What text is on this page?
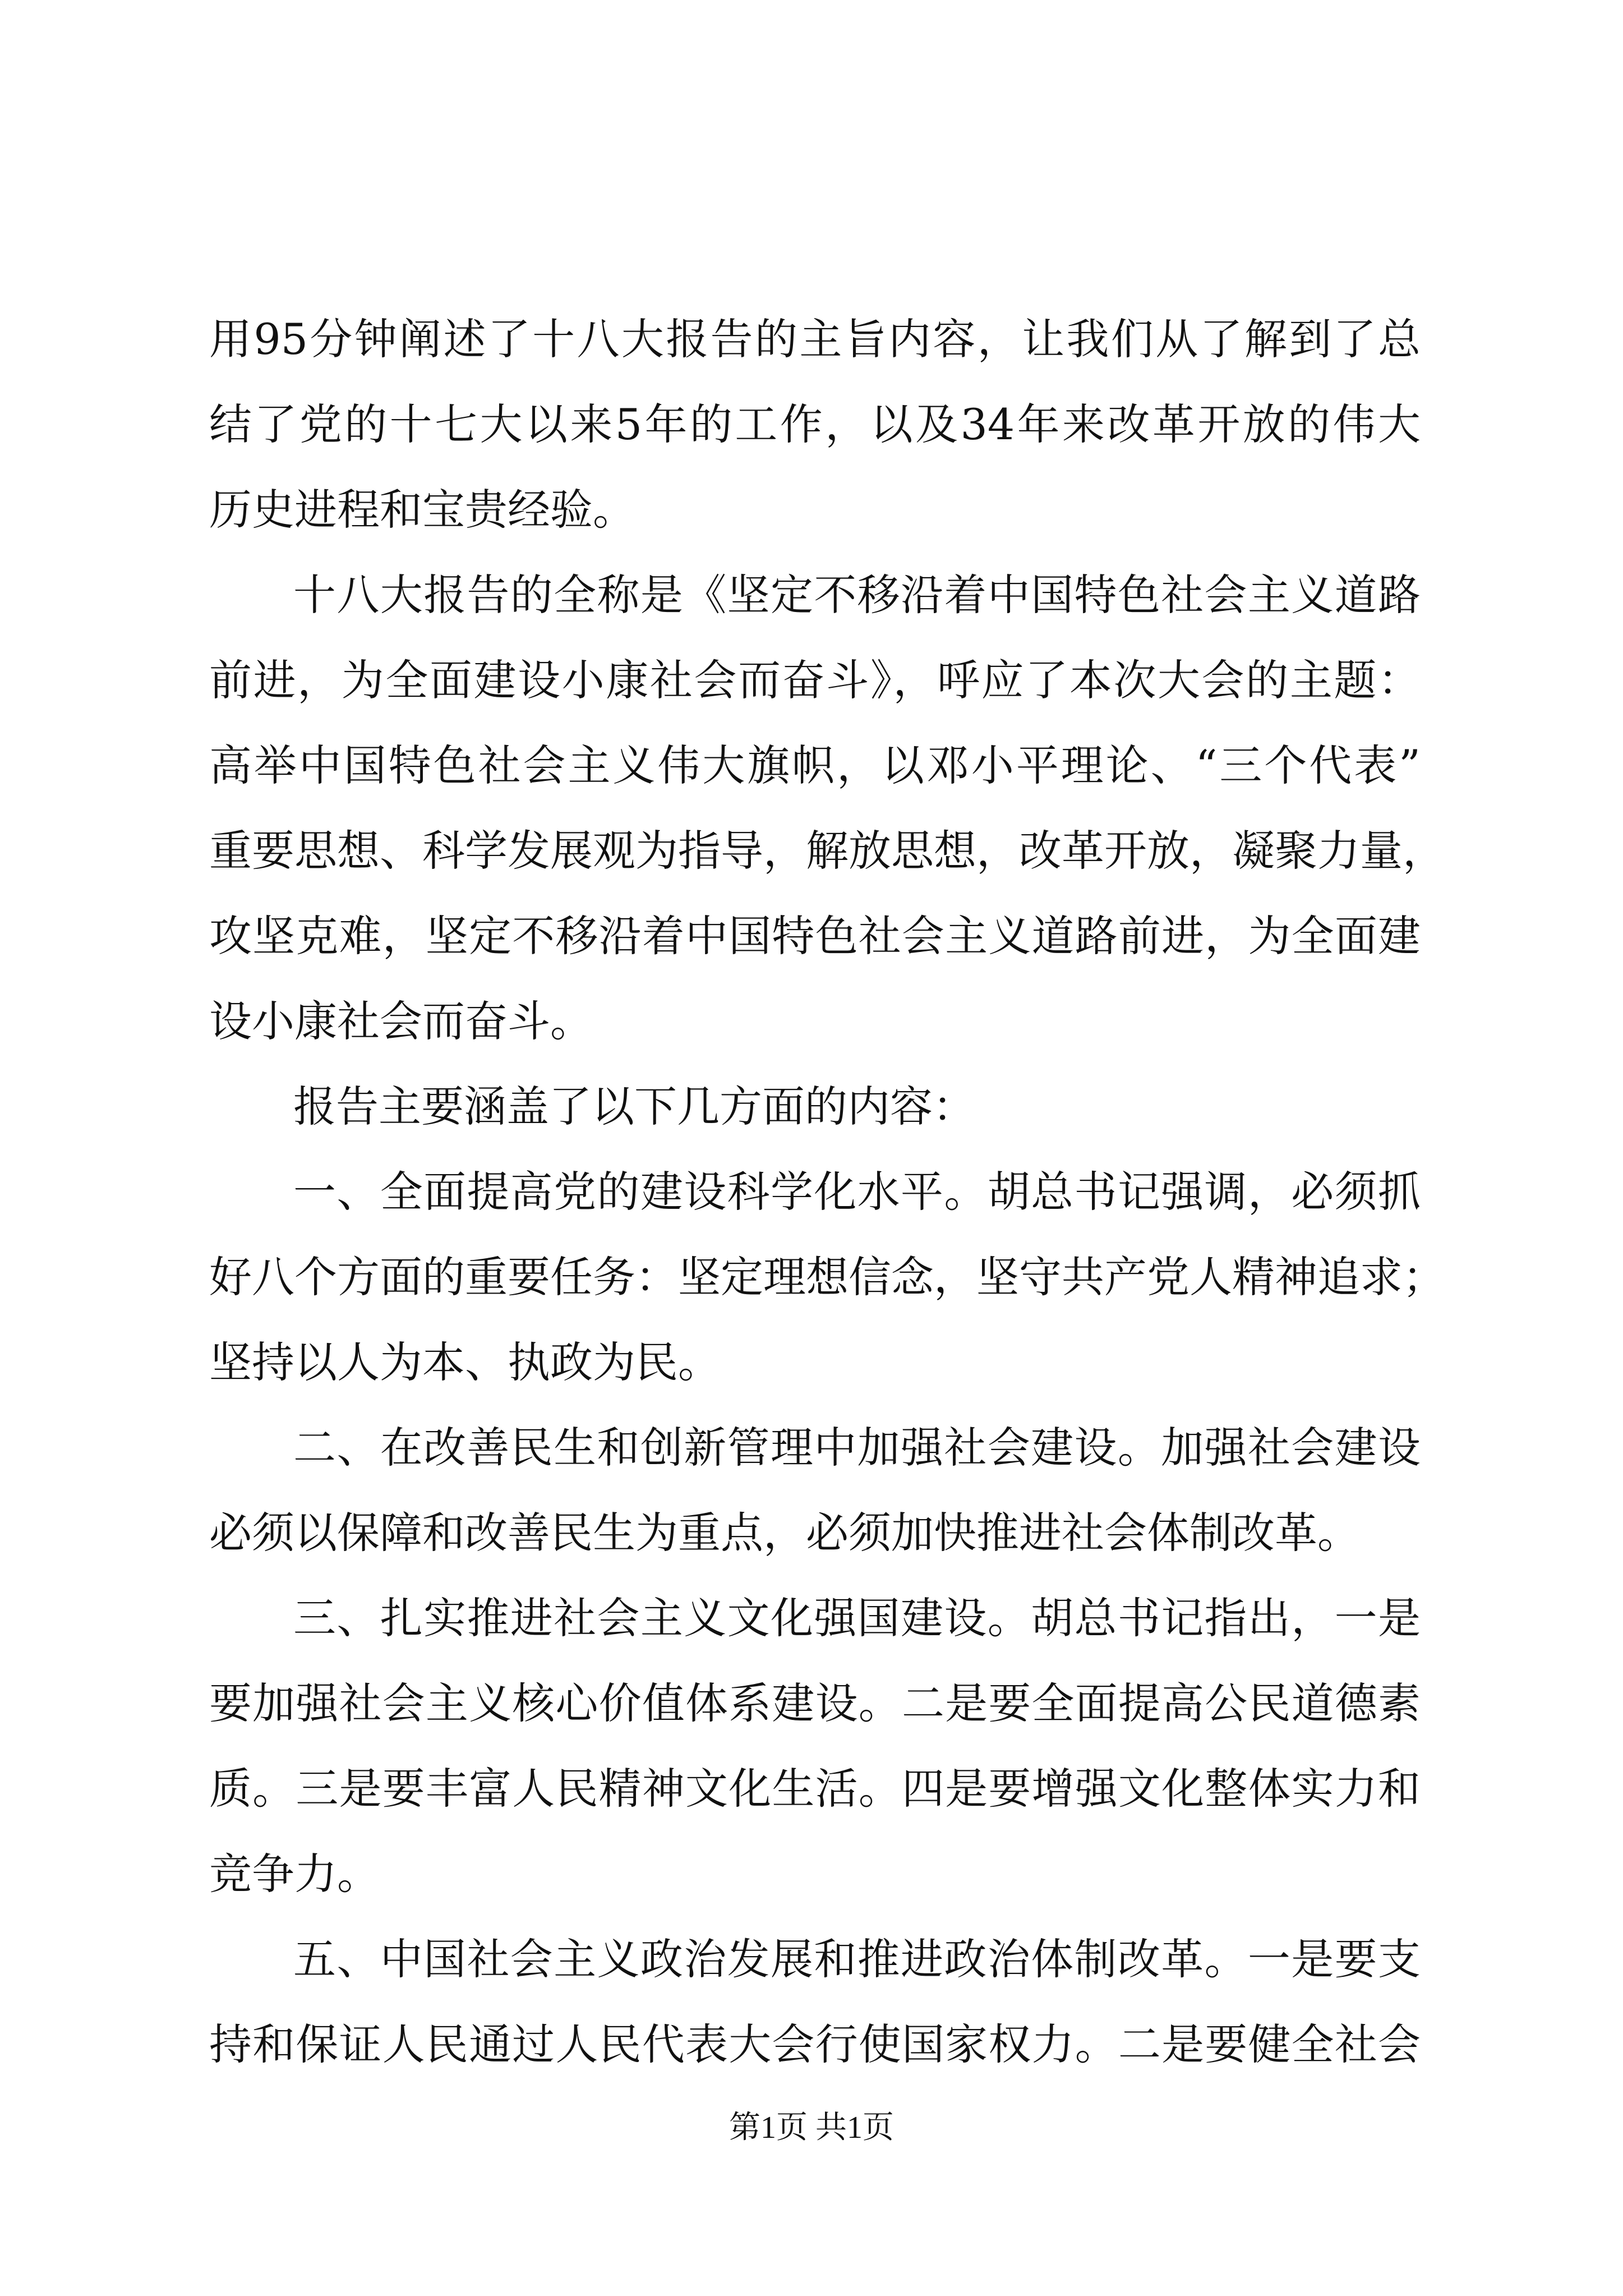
用95分钟阐述了十八大报告的主旨内容，让我们从了解到了总
结了党的十七大以来5年的工作，以及34年来改革开放的伟大
历史进程和宝贵经验。
十八大报告的全称是《坚定不移沿着中国特色社会主义道路
前进，为全面建设小康社会而奋斗》，呼应了本次大会的主题：
高举中国特色社会主义伟大旗帜，以邓小平理论、“三个代表”
重要思想、科学发展观为指导，解放思想，改革开放，凝聚力量，
攻坚克难，坚定不移沿着中国特色社会主义道路前进，为全面建
设小康社会而奋斗。
报告主要涵盖了以下几方面的内容：
一、全面提高党的建设科学化水平。胡总书记强调，必须抓
好八个方面的重要任务：坚定理想信念，坚守共产党人精神追求；
坚持以人为本、执政为民。
二、在改善民生和创新管理中加强社会建设。加强社会建设
必须以保障和改善民生为重点，必须加快推进社会体制改革。
三、扎实推进社会主义文化强国建设。胡总书记指出，一是
要加强社会主义核心价值体系建设。二是要全面提高公民道德素
质。三是要丰富人民精神文化生活。四是要增强文化整体实力和
竞争力。
五、中国社会主义政治发展和推进政治体制改革。一是要支
持和保证人民通过人民代表大会行使国家权力。二是要健全社会
第1页 共1页
